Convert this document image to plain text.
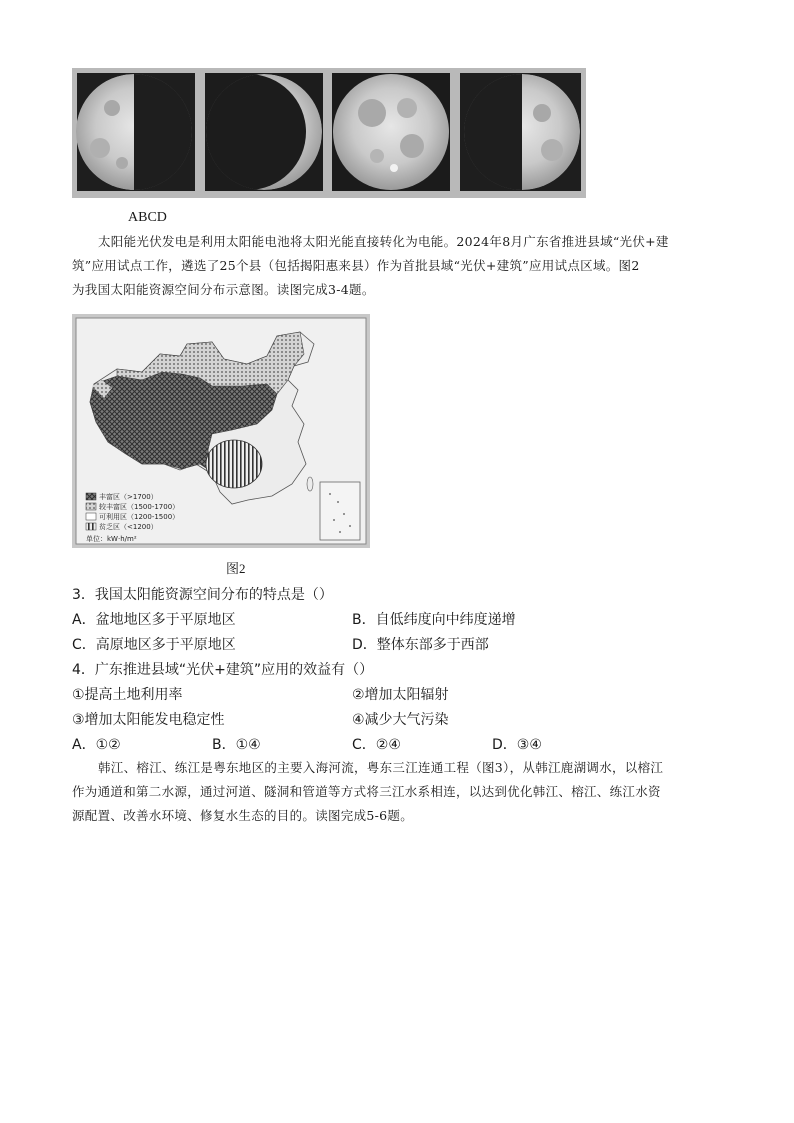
ABCD
太阳能光伏发电是利用太阳能电池将太阳光能直接转化为电能。2024年8月广东省推进县域“光伏+建
筑”应用试点工作，遴选了25个县（包括揭阳惠来县）作为首批县域“光伏+建筑”应用试点区域。图2
为我国太阳能资源空间分布示意图。读图完成3-4题。
丰富区（>1700）
较丰富区（1500-1700）
可利用区（1200-1500）
贫乏区（<1200）
单位：kW·h/m²
图2
3．我国太阳能资源空间分布的特点是（）
A．盆地地区多于平原地区	B．自低纬度向中纬度递增
C．高原地区多于平原地区	D．整体东部多于西部
4．广东推进县域“光伏+建筑”应用的效益有（）
①提高土地利用率	②增加太阳辐射
③增加太阳能发电稳定性	④减少大气污染
A．①②	B．①④	C．②④	D．③④
韩江、榕江、练江是粤东地区的主要入海河流，粤东三江连通工程（图3），从韩江鹿湖调水，以榕江
作为通道和第二水源，通过河道、隧洞和管道等方式将三江水系相连，以达到优化韩江、榕江、练江水资
源配置、改善水环境、修复水生态的目的。读图完成5-6题。
